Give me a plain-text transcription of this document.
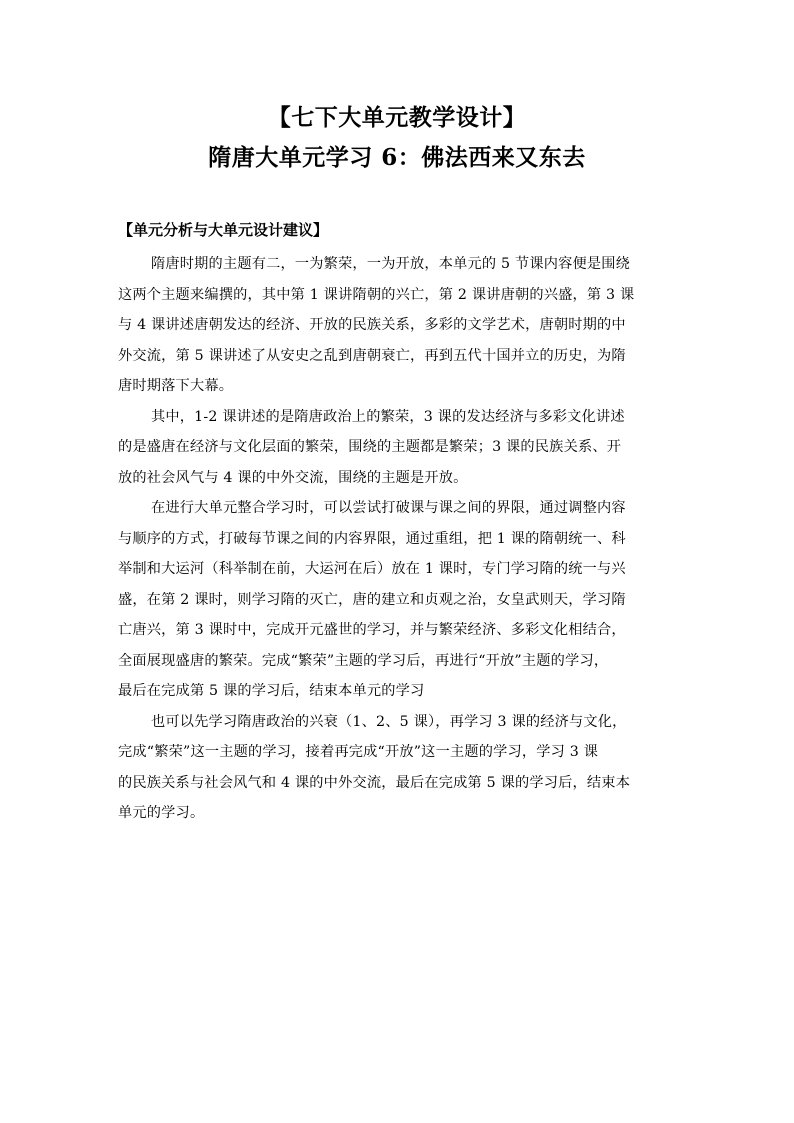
【七下大单元教学设计】
隋唐大单元学习 6：佛法西来又东去
【单元分析与大单元设计建议】
隋唐时期的主题有二，一为繁荣，一为开放，本单元的 5 节课内容便是围绕
这两个主题来编撰的，其中第 1 课讲隋朝的兴亡，第 2 课讲唐朝的兴盛，第 3 课
与 4 课讲述唐朝发达的经济、开放的民族关系，多彩的文学艺术，唐朝时期的中
外交流，第 5 课讲述了从安史之乱到唐朝衰亡，再到五代十国并立的历史，为隋
唐时期落下大幕。
其中，1-2 课讲述的是隋唐政治上的繁荣，3 课的发达经济与多彩文化讲述
的是盛唐在经济与文化层面的繁荣，围绕的主题都是繁荣；3 课的民族关系、开
放的社会风气与 4 课的中外交流，围绕的主题是开放。
在进行大单元整合学习时，可以尝试打破课与课之间的界限，通过调整内容
与顺序的方式，打破每节课之间的内容界限，通过重组，把 1 课的隋朝统一、科
举制和大运河（科举制在前，大运河在后）放在 1 课时，专门学习隋的统一与兴
盛，在第 2 课时，则学习隋的灭亡，唐的建立和贞观之治，女皇武则天，学习隋
亡唐兴，第 3 课时中，完成开元盛世的学习，并与繁荣经济、多彩文化相结合，
全面展现盛唐的繁荣。完成“繁荣”主题的学习后，再进行“开放”主题的学习，
最后在完成第 5 课的学习后，结束本单元的学习
也可以先学习隋唐政治的兴衰（1、2、5 课），再学习 3 课的经济与文化，
完成“繁荣”这一主题的学习，接着再完成“开放”这一主题的学习，学习 3 课
的民族关系与社会风气和 4 课的中外交流，最后在完成第 5 课的学习后，结束本
单元的学习。
